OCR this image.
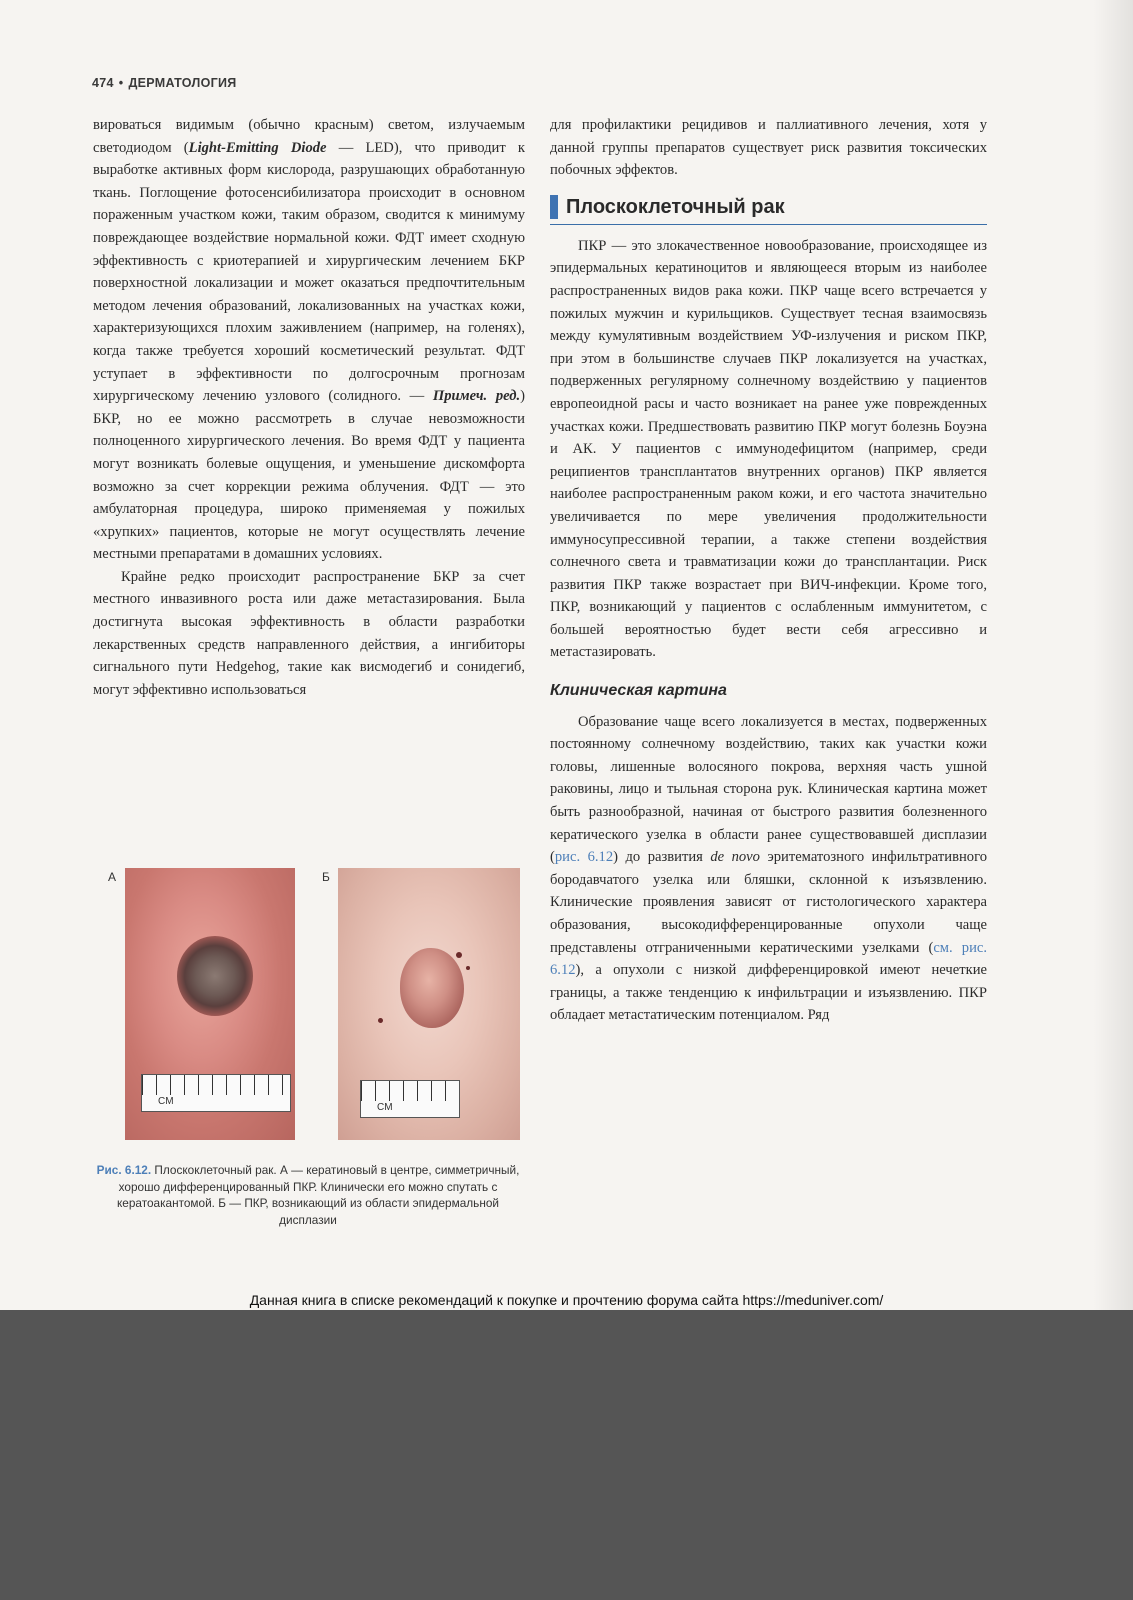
474 • ДЕРМАТОЛОГИЯ

вироваться видимым (обычно красным) светом, излучаемым светодиодом (Light-Emitting Diode — LED), что приводит к выработке активных форм кислорода, разрушающих обработанную ткань. Поглощение фотосенсибилизатора происходит в основном пораженным участком кожи, таким образом, сводится к минимуму повреждающее воздействие нормальной кожи. ФДТ имеет сходную эффективность с криотерапией и хирургическим лечением БКР поверхностной локализации и может оказаться предпочтительным методом лечения образований, локализованных на участках кожи, характеризующихся плохим заживлением (например, на голенях), когда также требуется хороший косметический результат. ФДТ уступает в эффективности по долгосрочным прогнозам хирургическому лечению узлового (солидного. — Примеч. ред.) БКР, но ее можно рассмотреть в случае невозможности полноценного хирургического лечения. Во время ФДТ у пациента могут возникать болевые ощущения, и уменьшение дискомфорта возможно за счет коррекции режима облучения. ФДТ — это амбулаторная процедура, широко применяемая у пожилых «хрупких» пациентов, которые не могут осуществлять лечение местными препаратами в домашних условиях.

Крайне редко происходит распространение БКР за счет местного инвазивного роста или даже метастазирования. Была достигнута высокая эффективность в области разработки лекарственных средств направленного действия, а ингибиторы сигнального пути Hedgehog, такие как висмодегиб и сонидегиб, могут эффективно использоваться

для профилактики рецидивов и паллиативного лечения, хотя у данной группы препаратов существует риск развития токсических побочных эффектов.

Плоскоклеточный рак

ПКР — это злокачественное новообразование, происходящее из эпидермальных кератиноцитов и являющееся вторым из наиболее распространенных видов рака кожи. ПКР чаще всего встречается у пожилых мужчин и курильщиков. Существует тесная взаимосвязь между кумулятивным воздействием УФ-излучения и риском ПКР, при этом в большинстве случаев ПКР локализуется на участках, подверженных регулярному солнечному воздействию у пациентов европеоидной расы и часто возникает на ранее уже поврежденных участках кожи. Предшествовать развитию ПКР могут болезнь Боуэна и АК. У пациентов с иммунодефицитом (например, среди реципиентов трансплантатов внутренних органов) ПКР является наиболее распространенным раком кожи, и его частота значительно увеличивается по мере увеличения продолжительности иммуносупрессивной терапии, а также степени воздействия солнечного света и травматизации кожи до трансплантации. Риск развития ПКР также возрастает при ВИЧ-инфекции. Кроме того, ПКР, возникающий у пациентов с ослабленным иммунитетом, с большей вероятностью будет вести себя агрессивно и метастазировать.

Клиническая картина

Образование чаще всего локализуется в местах, подверженных постоянному солнечному воздействию, таких как участки кожи головы, лишенные волосяного покрова, верхняя часть ушной раковины, лицо и тыльная сторона рук. Клиническая картина может быть разнообразной, начиная от быстрого развития болезненного кератического узелка в области ранее существовавшей дисплазии (рис. 6.12) до развития de novo эритематозного инфильтративного бородавчатого узелка или бляшки, склонной к изъязвлению. Клинические проявления зависят от гистологического характера образования, высокодифференцированные опухоли чаще представлены отграниченными кератическими узелками (см. рис. 6.12), а опухоли с низкой дифференцировкой имеют нечеткие границы, а также тенденцию к инфильтрации и изъязвлению. ПКР обладает метастатическим потенциалом. Ряд

А
CM
Б
CM
Рис. 6.12. Плоскоклеточный рак. А — кератиновый в центре, симметричный, хорошо дифференцированный ПКР. Клинически его можно спутать с кератоакантомой. Б — ПКР, возникающий из области эпидермальной дисплазии
Данная книга в списке рекомендаций к покупке и прочтению форума сайта https://meduniver.com/
